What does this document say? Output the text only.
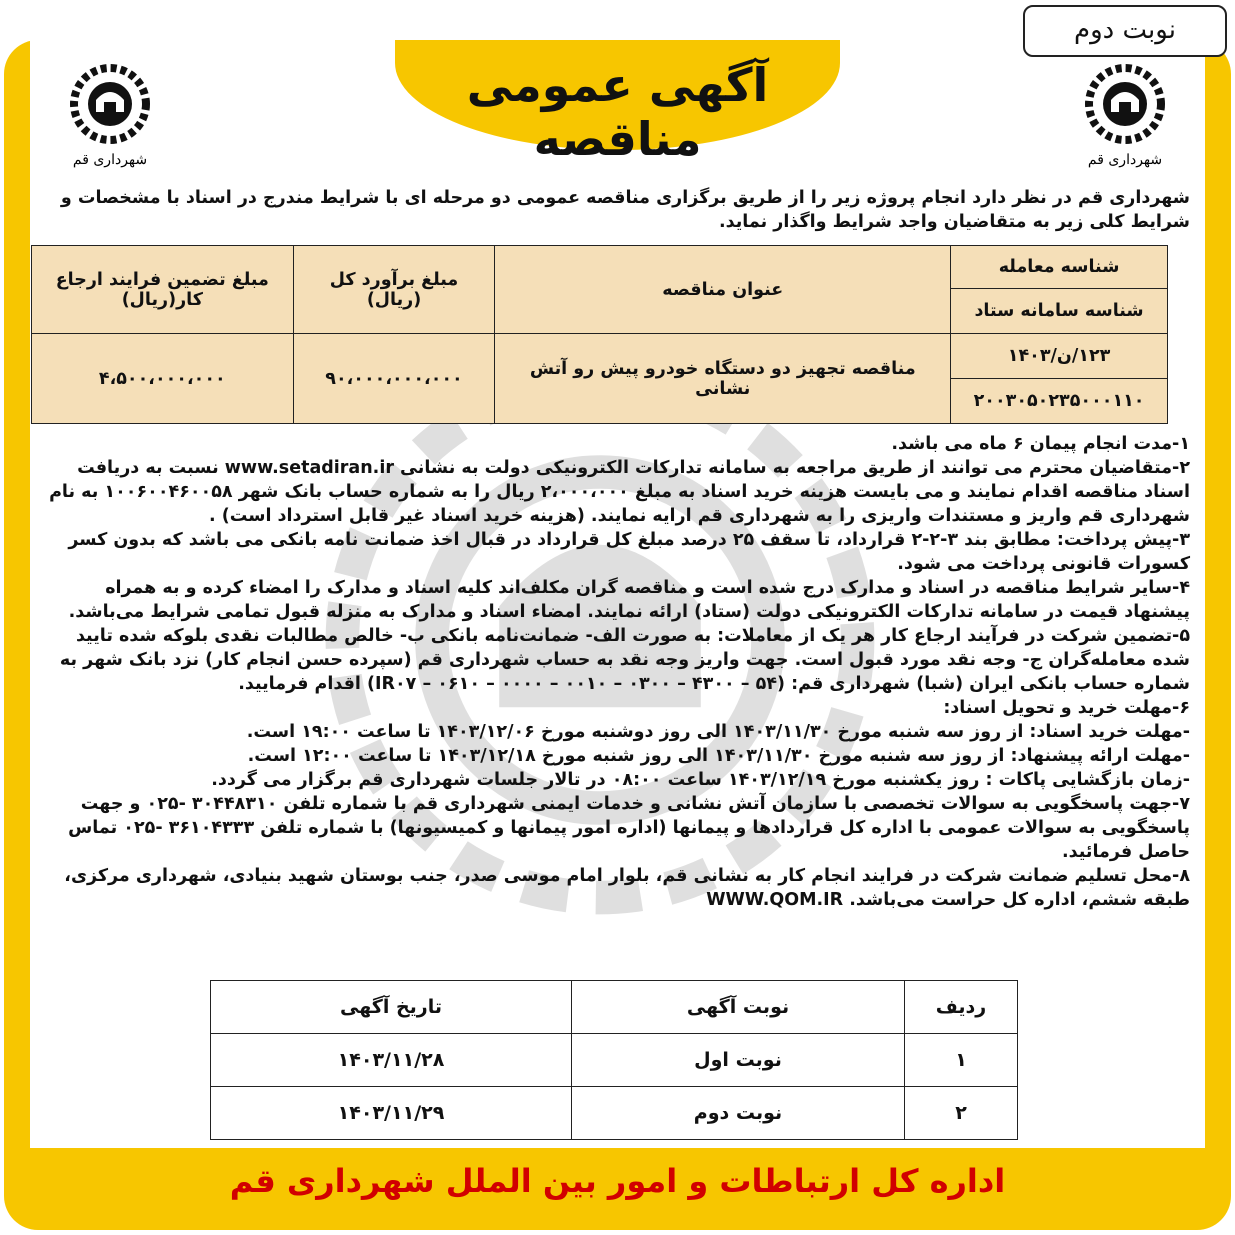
آگهی عمومی مناقصه
نوبت دوم
شهرداری قم	شهرداری قم
شهرداری قم در نظر دارد انجام پروژه زیر را از طریق برگزاری مناقصه عمومی دو مرحله ای با شرایط مندرج در اسناد با مشخصات و شرایط کلی زیر به متقاضیان واجد شرایط واگذار نماید.
شناسه معامله	عنوان مناقصه	مبلغ برآورد کل (ریال)	مبلغ تضمین فرایند ارجاع کار(ریال)
شناسه سامانه ستاد			
۱۲۳/ن/۱۴۰۳	مناقصه تجهیز دو دستگاه خودرو پیش رو آتش نشانی	۹۰،۰۰۰،۰۰۰،۰۰۰	۴،۵۰۰،۰۰۰،۰۰۰
۲۰۰۳۰۵۰۲۳۵۰۰۰۱۱۰			

۱-مدت انجام پیمان ۶ ماه می باشد.

۲-متقاضیان محترم می توانند از طریق مراجعه به سامانه تدارکات الکترونیکی دولت به نشانی www.setadiran.ir نسبت به دریافت اسناد مناقصه اقدام نمایند و می بایست هزینه خرید اسناد به مبلغ ۲،۰۰۰،۰۰۰ ریال را به شماره حساب بانک شهر ۱۰۰۶۰۰۴۶۰۰۵۸ به نام شهرداری قم واریز و مستندات واریزی را به شهرداری قم ارایه نمایند. (هزینه خرید اسناد غیر قابل استرداد است) .

۳-پیش پرداخت: مطابق بند ۳-۲-۲ قرارداد، تا سقف ۲۵ درصد مبلغ کل قرارداد در قبال اخذ ضمانت نامه بانکی می باشد که بدون کسر کسورات قانونی پرداخت می شود.

۴-سایر شرایط مناقصه در اسناد و مدارک درج شده است و مناقصه گران مکلف‌اند کلیه اسناد و مدارک را امضاء کرده و به همراه پیشنهاد قیمت در سامانه تدارکات الکترونیکی دولت (ستاد) ارائه نمایند. امضاء اسناد و مدارک به منزله قبول تمامی شرایط می‌باشد.

۵-تضمین شرکت در فرآیند ارجاع کار هر یک از معاملات: به صورت الف- ضمانت‌نامه بانکی ب- خالص مطالبات نقدی بلوکه شده تایید شده معامله‌گران ج- وجه نقد مورد قبول است. جهت واریز وجه نقد به حساب شهرداری قم (سپرده حسن انجام کار) نزد بانک شهر به شماره حساب بانکی ایران (شبا) شهرداری قم: (۵۴ – ۴۳۰۰ – ۰۳۰۰ – ۰۰۱۰ – ۰۰۰۰ – ۰۶۱۰ – IR۰۷) اقدام فرمایید.

۶-مهلت خرید و تحویل اسناد:

-مهلت خرید اسناد: از روز سه شنبه مورخ ۱۴۰۳/۱۱/۳۰ الی روز دوشنبه مورخ ۱۴۰۳/۱۲/۰۶ تا ساعت ۱۹:۰۰ است.

-مهلت ارائه پیشنهاد: از روز سه شنبه مورخ ۱۴۰۳/۱۱/۳۰ الی روز شنبه مورخ ۱۴۰۳/۱۲/۱۸ تا ساعت ۱۲:۰۰ است.

-زمان بازگشایی پاکات : روز یکشنبه مورخ ۱۴۰۳/۱۲/۱۹ ساعت ۰۸:۰۰ در تالار جلسات شهرداری قم برگزار می گردد.

۷-جهت پاسخگویی به سوالات تخصصی با سازمان آتش نشانی و خدمات ایمنی شهرداری قم با شماره تلفن ۳۰۴۴۸۳۱۰ -۰۲۵ و جهت پاسخگویی به سوالات عمومی با اداره کل قراردادها و پیمانها (اداره امور پیمانها و کمیسیونها) با شماره تلفن ۳۶۱۰۴۳۳۳ -۰۲۵ تماس حاصل فرمائید.

۸-محل تسلیم ضمانت شرکت در فرایند انجام کار به نشانی قم، بلوار امام موسی صدر، جنب بوستان شهید بنیادی، شهرداری مرکزی، طبقه ششم، اداره کل حراست می‌باشد. WWW.QOM.IR

ردیف	نوبت آگهی	تاریخ آگهی
۱	نوبت اول	۱۴۰۳/۱۱/۲۸
۲	نوبت دوم	۱۴۰۳/۱۱/۲۹
اداره کل ارتباطات و امور بین الملل شهرداری قم
